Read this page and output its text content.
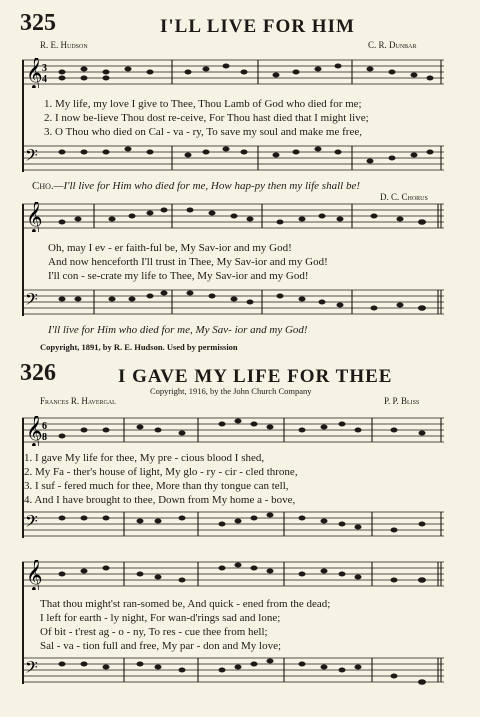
325	I'LL LIVE FOR HIM
R. E. Hudson	C. R. Dunbar
𝄞 3
4
1. My life, my love I give to Thee, Thou Lamb of God who died for me;
2. I now be-lieve Thou dost re-ceive, For Thou hast died that I might live;
3. O Thou who died on Cal - va - ry, To save my soul and make me free,
𝄢
Cho.—I'll live for Him who died for me, How hap-py then my life shall be!
D. C. Chorus
𝄞
Oh, may I ev - er faith-ful be, My Sav-ior and my God!
And now henceforth I'll trust in Thee, My Sav-ior and my God!
I'll con - se-crate my life to Thee, My Sav-ior and my God!
𝄢
I'll live for Him who died for me, My Sav- ior and my God!
Copyright, 1891, by R. E. Hudson. Used by permission
326	I GAVE MY LIFE FOR THEE
Copyright, 1916, by the John Church Company
Frances R. Havergal	P. P. Bliss
𝄞 6
8
1. I gave My life for thee, My pre - cious blood I shed,
2. My Fa - ther's house of light, My glo - ry - cir - cled throne,
3. I suf - fered much for thee, More than thy tongue can tell,
4. And I have brought to thee, Down from My home a - bove,
𝄢
𝄞
That thou might'st ran-somed be, And quick - ened from the dead;
I left for earth - ly night, For wan-d'rings sad and lone;
Of bit - t'rest ag - o - ny, To res - cue thee from hell;
Sal - va - tion full and free, My par - don and My love;
𝄢
